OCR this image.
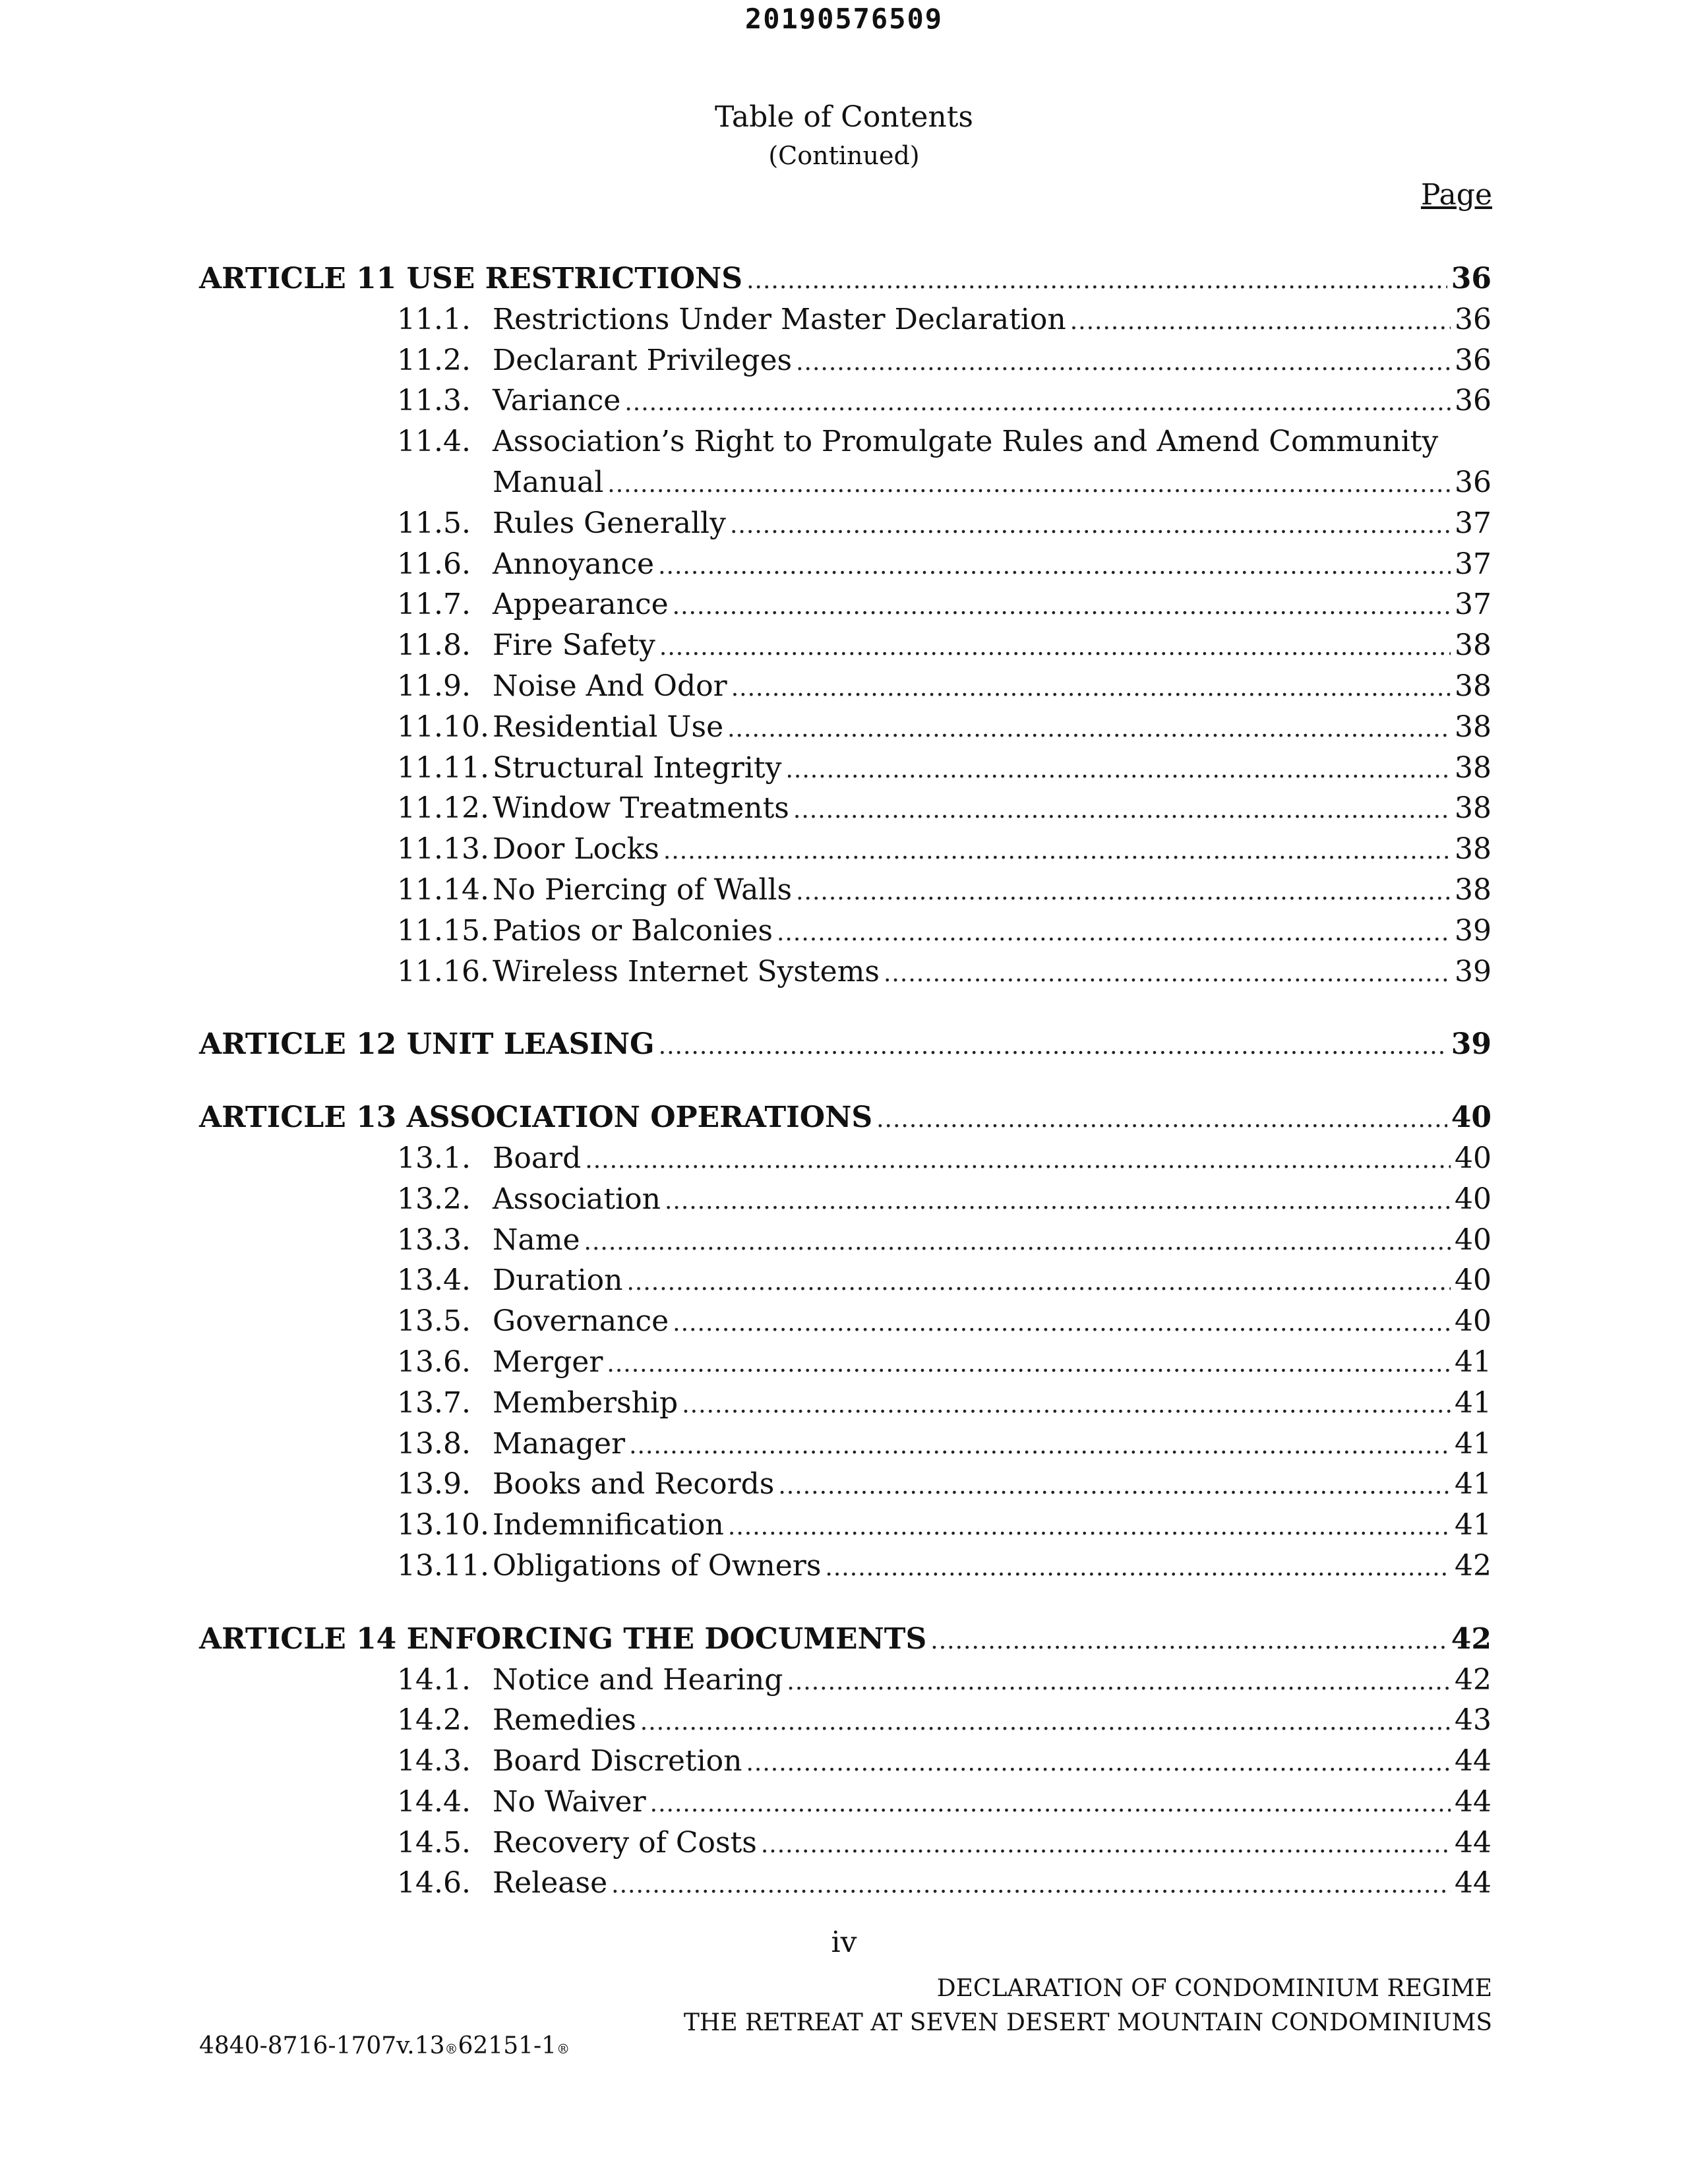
20190576509
Table of Contents
(Continued)
Page
ARTICLE 11 USE RESTRICTIONS .....	36
11.1. Restrictions Under Master Declaration .....	36
11.2. Declarant Privileges .....	36
11.3. Variance .....	36
11.4. Association’s Right to Promulgate Rules and Amend Community
Manual .....	36
11.5. Rules Generally .....	37
11.6. Annoyance .....	37
11.7. Appearance .....	37
11.8. Fire Safety .....	38
11.9. Noise And Odor .....	38
11.10. Residential Use .....	38
11.11. Structural Integrity .....	38
11.12. Window Treatments .....	38
11.13. Door Locks .....	38
11.14. No Piercing of Walls .....	38
11.15. Patios or Balconies .....	39
11.16. Wireless Internet Systems .....	39
ARTICLE 12 UNIT LEASING .....	39
ARTICLE 13 ASSOCIATION OPERATIONS .....	40
13.1. Board .....	40
13.2. Association .....	40
13.3. Name .....	40
13.4. Duration .....	40
13.5. Governance .....	40
13.6. Merger .....	41
13.7. Membership .....	41
13.8. Manager .....	41
13.9. Books and Records .....	41
13.10. Indemnification .....	41
13.11. Obligations of Owners .....	42
ARTICLE 14 ENFORCING THE DOCUMENTS .....	42
14.1. Notice and Hearing .....	42
14.2. Remedies .....	43
14.3. Board Discretion .....	44
14.4. No Waiver .....	44
14.5. Recovery of Costs .....	44
14.6. Release .....	44
iv
DECLARATION OF CONDOMINIUM REGIME
THE RETREAT AT SEVEN DESERT MOUNTAIN CONDOMINIUMS
4840-8716-1707v.13®62151-1®
